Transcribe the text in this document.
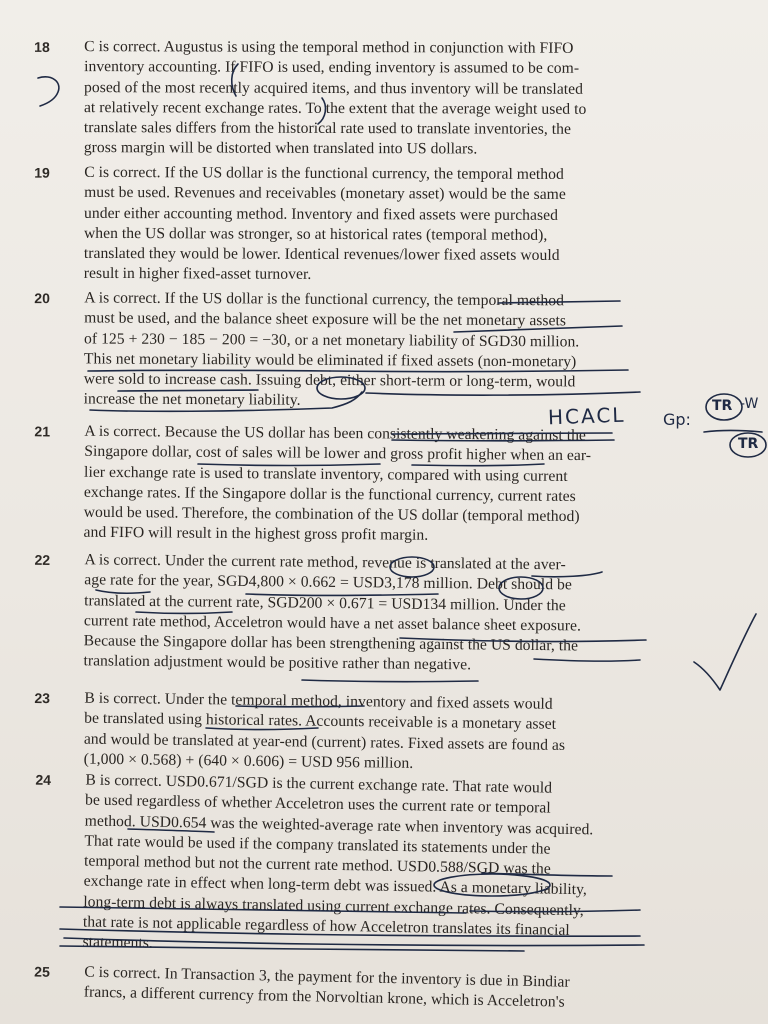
18	C is correct. Augustus is using the temporal method in conjunction with FIFO
inventory accounting. If FIFO is used, ending inventory is assumed to be com-
posed of the most recently acquired items, and thus inventory will be translated
at relatively recent exchange rates. To the extent that the average weight used to
translate sales differs from the historical rate used to translate inventories, the
gross margin will be distorted when translated into US dollars.
19	C is correct. If the US dollar is the functional currency, the temporal method
must be used. Revenues and receivables (monetary asset) would be the same
under either accounting method. Inventory and fixed assets were purchased
when the US dollar was stronger, so at historical rates (temporal method),
translated they would be lower. Identical revenues/lower fixed assets would
result in higher fixed-asset turnover.
20	A is correct. If the US dollar is the functional currency, the temporal method
must be used, and the balance sheet exposure will be the net monetary assets
of 125 + 230 − 185 − 200 = −30, or a net monetary liability of SGD30 million.
This net monetary liability would be eliminated if fixed assets (non-monetary)
were sold to increase cash. Issuing debt, either short-term or long-term, would
increase the net monetary liability.
21	A is correct. Because the US dollar has been consistently weakening against the
Singapore dollar, cost of sales will be lower and gross profit higher when an ear-
lier exchange rate is used to translate inventory, compared with using current
exchange rates. If the Singapore dollar is the functional currency, current rates
would be used. Therefore, the combination of the US dollar (temporal method)
and FIFO will result in the highest gross profit margin.
22	A is correct. Under the current rate method, revenue is translated at the aver-
age rate for the year, SGD4,800 × 0.662 = USD3,178 million. Debt should be
translated at the current rate, SGD200 × 0.671 = USD134 million. Under the
current rate method, Acceletron would have a net asset balance sheet exposure.
Because the Singapore dollar has been strengthening against the US dollar, the
translation adjustment would be positive rather than negative.
23	B is correct. Under the temporal method, inventory and fixed assets would
be translated using historical rates. Accounts receivable is a monetary asset
and would be translated at year-end (current) rates. Fixed assets are found as
(1,000 × 0.568) + (640 × 0.606) = USD 956 million.
24	B is correct. USD0.671/SGD is the current exchange rate. That rate would
be used regardless of whether Acceletron uses the current rate or temporal
method. USD0.654 was the weighted-average rate when inventory was acquired.
That rate would be used if the company translated its statements under the
temporal method but not the current rate method. USD0.588/SGD was the
exchange rate in effect when long-term debt was issued. As a monetary liability,
long-term debt is always translated using current exchange rates. Consequently,
that rate is not applicable regardless of how Acceletron translates its financial
statements.
25	C is correct. In Transaction 3, the payment for the inventory is due in Bindiar
francs, a different currency from the Norvoltian krone, which is Acceletron's
HCACL Gp:
TR -W
TR
